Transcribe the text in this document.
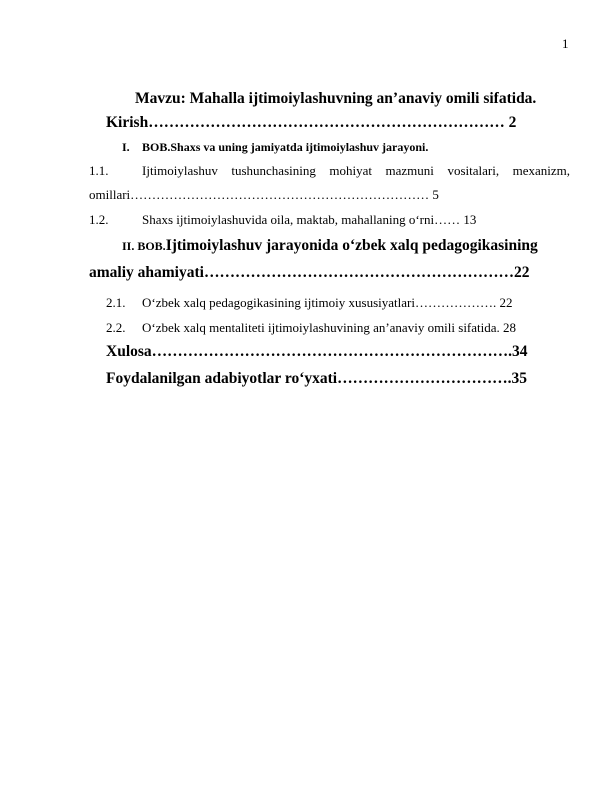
1
Mavzu: Mahalla ijtimoiylashuvning an’anaviy omili sifatida.
Kirish…………………………………………………………… 2
I. BOB.Shaxs va uning jamiyatda ijtimoiylashuv jarayoni.
1.1.	Ijtimoiylashuv tushunchasining mohiyat mazmuni vositalari, mexanizm,
omillari…………………………………………………………… 5
1.2.	Shaxs ijtimoiylashuvida oila, maktab, mahallaning o‘rni…… 13
II. BOB.Ijtimoiylashuv jarayonida o‘zbek xalq pedagogikasining
amaliy ahamiyati……………………………………………………22
2.1. O‘zbek xalq pedagogikasining ijtimoiy xususiyatlari………………. 22
2.2. O‘zbek xalq mentaliteti ijtimoiylashuvining an’anaviy omili sifatida. 28
Xulosa…………………………………………………………….34
Foydalanilgan adabiyotlar ro‘yxati…………………………….35
